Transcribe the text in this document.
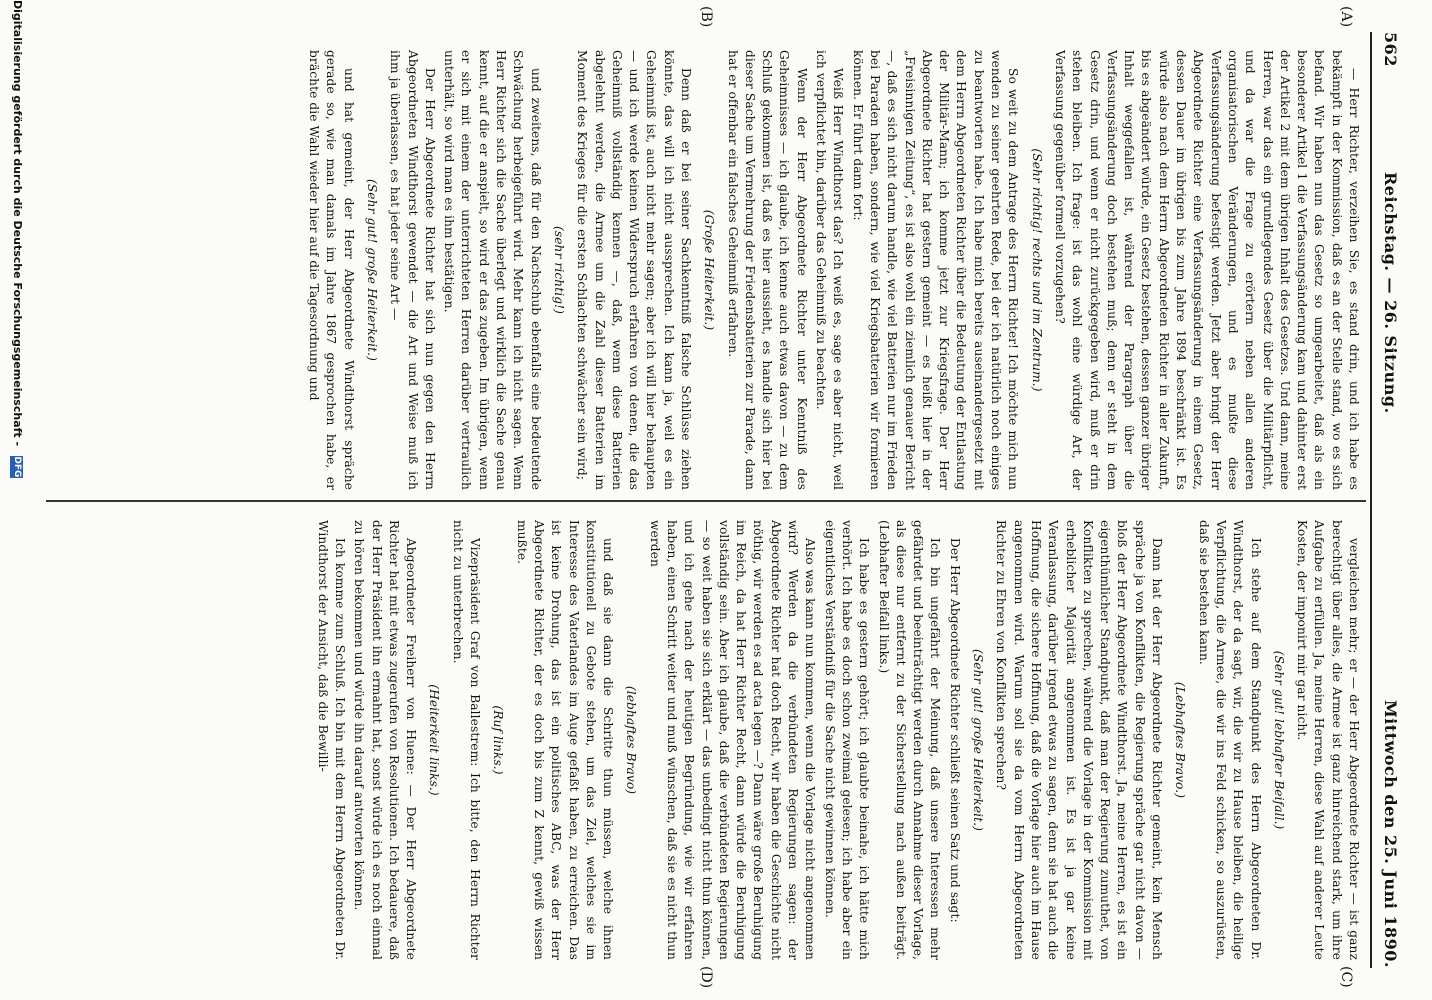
562
Reichstag. — 26. Sitzung.
Mittwoch den 25. Juni 1890.
(A)
(B)
(C)
(D)

— Herr Richter, verzeihen Sie, es stand drin, und ich habe es bekämpft in der Kommission, daß es an der Stelle stand, wo es sich befand. Wir haben nun das Gesetz so umgearbeitet, daß als ein besonderer Artikel 1 die Verfassungsänderung kam und dahinter erst der Artikel 2 mit dem übrigen Inhalt des Gesetzes. Und dann, meine Herren, war das ein grundlegendes Gesetz über die Militärpflicht, und da war die Frage zu erörtern neben allen anderen organisatorischen Veränderungen, und es mußte diese Verfassungsänderung befestigt werden. Jetzt aber bringt der Herr Abgeordnete Richter eine Verfassungsänderung in einem Gesetz, dessen Dauer im übrigen bis zum Jahre 1894 beschränkt ist. Es würde also nach dem Herrn Abgeordneten Richter in aller Zukunft, bis es abgeändert würde, ein Gesetz bestehen, dessen ganzer übriger Inhalt weggefallen ist, während der Paragraph über die Verfassungsänderung doch bestehen muß; denn er steht in dem Gesetz drin, und wenn er nicht zurückgegeben wird, muß er drin stehen bleiben. Ich frage: ist das wohl eine würdige Art, der Verfassung gegenüber formell vorzugehen?

(Sehr richtig! rechts und im Zentrum.)

So weit zu dem Antrage des Herrn Richter! Ich möchte mich nun wenden zu seiner geehrten Rede, bei der ich natürlich noch einiges zu beantworten habe. Ich habe mich bereits auseinandergesetzt mit dem Herrn Abgeordneten Richter über die Bedeutung der Entlastung der Militär-Mann; ich komme jetzt zur Kriegsfrage. Der Herr Abgeordnete Richter hat gestern gemeint — es heißt hier in der „Freisinnigen Zeitung“, es ist also wohl ein ziemlich genauer Bericht —, daß es sich nicht darum handle, wie viel Batterien nur im Frieden bei Paraden haben, sondern, wie viel Kriegsbatterien wir formieren können. Er führt dann fort:

Weiß Herr Windthorst das? Ich weiß es, sage es aber nicht, weil ich verpflichtet bin, darüber das Geheimniß zu beachten.

Wenn der Herr Abgeordnete Richter unter Kenntniß des Geheimnisses — ich glaube, ich kenne auch etwas davon — zu dem Schluß gekommen ist, daß es hier aussieht, es handle sich hier bei dieser Sache um Vermehrung der Friedensbatterien zur Parade, dann hat er offenbar ein falsches Geheimniß erfahren.

(Große Heiterkeit.)

Denn daß er bei seiner Sachkenntniß falsche Schlüsse ziehen könnte, das will ich nicht aussprechen. Ich kann ja, weil es ein Geheimniß ist, auch nicht mehr sagen; aber ich will hier behaupten — und ich werde keinen Widerspruch erfahren von denen, die das Geheimniß vollständig kennen —, daß, wenn diese Batterien abgelehnt werden, die Armee um die Zahl dieser Batterien im Moment des Krieges für die ersten Schlachten schwächer sein wird;

(sehr richtig!)

und zweitens, daß für den Nachschub ebenfalls eine bedeutende Schwächung herbeigeführt wird. Mehr kann ich nicht sagen. Wenn Herr Richter sich die Sache überlegt und wirklich die Sache genau kennt, auf die er anspielt, so wird er das zugeben. Im übrigen, wenn er sich mit einem der unterrichteten Herren darüber vertraulich unterhält, so wird man es ihm bestätigen.

Der Herr Abgeordnete Richter hat sich nun gegen den Herrn Abgeordneten Windthorst gewendet — die Art und Weise muß ich ihm ja überlassen, es hat jeder seine Art —

(Sehr gut! große Heiterkeit.)

und hat gemeint, der Herr Abgeordnete Windthorst spräche gerade so, wie man damals im Jahre 1867 gesprochen habe, er brächte die Wahl wieder hier auf die Tagesordnung und

vergleichen mehr; er — der Herr Abgeordnete Richter — ist ganz berechtigt über alles, die Armee ist ganz hinreichend stark, um ihre Aufgabe zu erfüllen. Ja, meine Herren, diese Wahl auf anderer Leute Kosten, der imponirt mir gar nicht.

(Sehr gut! lebhafter Beifall.)

Ich stehe auf dem Standpunkt des Herrn Abgeordneten Dr. Windthorst, der da sagt, wir, die wir zu Hause bleiben, die heilige Verpflichtung, die Armee, die wir ins Feld schicken, so auszurüsten, daß sie bestehen kann.

(Lebhaftes Bravo.)

Dann hat der Herr Abgeordnete Richter gemeint, kein Mensch spräche ja von Konflikten, die Regierung spräche gar nicht davon — bloß der Herr Abgeordnete Windthorst. Ja, meine Herren, es ist ein eigenthümlicher Standpunkt, daß man der Regierung zumuthet, von Konflikten zu sprechen, während die Vorlage in der Kommission mit erheblicher Majorität angenommen ist. Es ist ja gar keine Veranlassung, darüber irgend etwas zu sagen, denn sie hat auch die Hoffnung, die sichere Hoffnung, daß die Vorlage hier auch im Hause angenommen wird. Warum soll sie da vom Herrn Abgeordneten Richter zu Ehren von Konflikten sprechen?

(Sehr gut! große Heiterkeit.)

Der Herr Abgeordnete Richter schließt seinen Satz und sagt:

Ich bin ungefährt der Meinung, daß unsere Interessen mehr gefährdet und beeinträchtigt werden durch Annahme dieser Vorlage, als diese nur entfernt zu der Sicherstellung nach außen beiträgt. (Lebhafter Beifall links.)

Ich habe es gestern gehört; ich glaubte beinahe, ich hätte mich verhört. Ich habe es doch schon zweimal gelesen; ich habe aber ein eigentliches Verständniß für die Sache nicht gewinnen können.

Also was kann nun kommen, wenn die Vorlage nicht angenommen wird? Werden da die verbündeten Regierungen sagen: der Abgeordnete Richter hat doch Recht, wir haben die Geschichte nicht nöthig, wir werden es ad acta legen —? Dann wäre große Beruhigung im Reich, da hat Herr Richter Recht, dann würde die Beruhigung vollständig sein. Aber ich glaube, daß die verbündeten Regierungen — so weit haben sie sich erklärt — das unbedingt nicht thun können, und ich gehe nach der heutigen Begründung, wie wir erfahren haben, einen Schritt weiter und muß wünschen, daß sie es nicht thun werden

(lebhaftes Bravo)

und daß sie dann die Schritte thun müssen, welche ihnen konstitutionell zu Gebote stehen, um das Ziel, welches sie im Interesse des Vaterlandes im Auge gefaßt haben, zu erreichen. Das ist keine Drohung, das ist ein politisches ABC, was der Herr Abgeordnete Richter, der es doch bis zum Z kennt, gewiß wissen mußte.

(Ruf links.)

Vizepräsident Graf von Ballestrem: Ich bitte, den Herrn Richter nicht zu unterbrechen.

(Heiterkeit links.)

Abgeordneter Freiherr von Huene: — Der Herr Abgeordnete Richter hat mit etwas zugerufen von Resolutionen. Ich bedauere, daß der Herr Präsident ihn ermahnt hat, sonst würde ich es noch einmal zu hören bekommen und würde ihn darauf antworten können.

Ich komme zum Schluß. Ich bin mit dem Herrn Abgeordneten Dr. Windthorst der Ansicht, daß die Bewilli-

Digitalisierung gefördert durch die Deutsche Forschungsgemeinschaft - DFG
